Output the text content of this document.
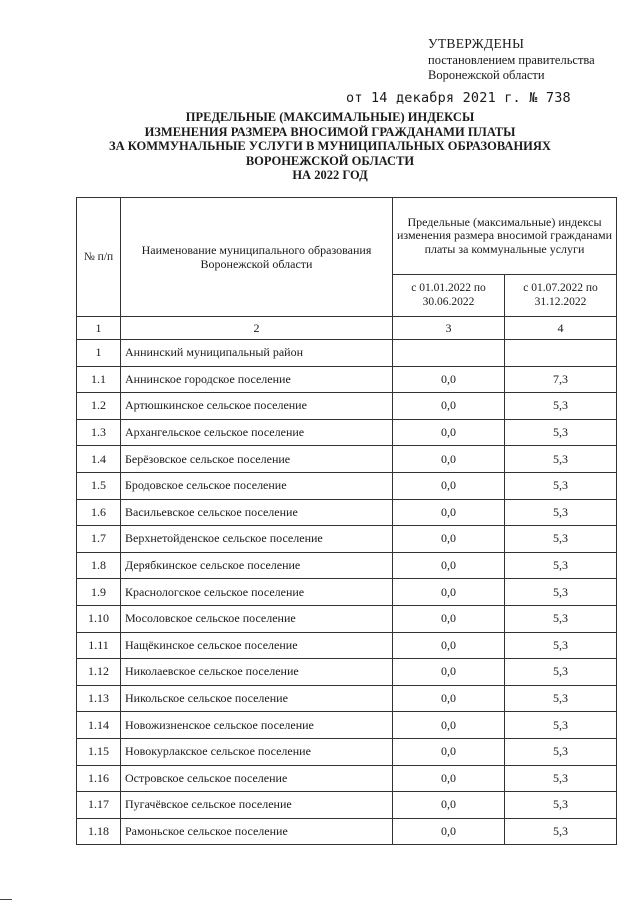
УТВЕРЖДЕНЫ
постановлением правительства
Воронежской области
от 14 декабря 2021 г. № 738
ПРЕДЕЛЬНЫЕ (МАКСИМАЛЬНЫЕ) ИНДЕКСЫ
ИЗМЕНЕНИЯ РАЗМЕРА ВНОСИМОЙ ГРАЖДАНАМИ ПЛАТЫ
ЗА КОММУНАЛЬНЫЕ УСЛУГИ В МУНИЦИПАЛЬНЫХ ОБРАЗОВАНИЯХ
ВОРОНЕЖСКОЙ ОБЛАСТИ
НА 2022 ГОД
№ п/п	Наименование муниципального образования Воронежской области	Предельные (максимальные) индексы изменения размера вносимой гражданами платы за коммунальные услуги	
		с 01.01.2022 по 30.06.2022	с 01.07.2022 по 31.12.2022
1	2	3	4
1	Аннинский муниципальный район		
1.1	Аннинское городское поселение	0,0	7,3
1.2	Артюшкинское сельское поселение	0,0	5,3
1.3	Архангельское сельское поселение	0,0	5,3
1.4	Берёзовское сельское поселение	0,0	5,3
1.5	Бродовское сельское поселение	0,0	5,3
1.6	Васильевское сельское поселение	0,0	5,3
1.7	Верхнетойденское сельское поселение	0,0	5,3
1.8	Дерябкинское сельское поселение	0,0	5,3
1.9	Краснологское сельское поселение	0,0	5,3
1.10	Мосоловское сельское поселение	0,0	5,3
1.11	Нащёкинское сельское поселение	0,0	5,3
1.12	Николаевское сельское поселение	0,0	5,3
1.13	Никольское сельское поселение	0,0	5,3
1.14	Новожизненское сельское поселение	0,0	5,3
1.15	Новокурлакское сельское поселение	0,0	5,3
1.16	Островское сельское поселение	0,0	5,3
1.17	Пугачёвское сельское поселение	0,0	5,3
1.18	Рамоньское сельское поселение	0,0	5,3
